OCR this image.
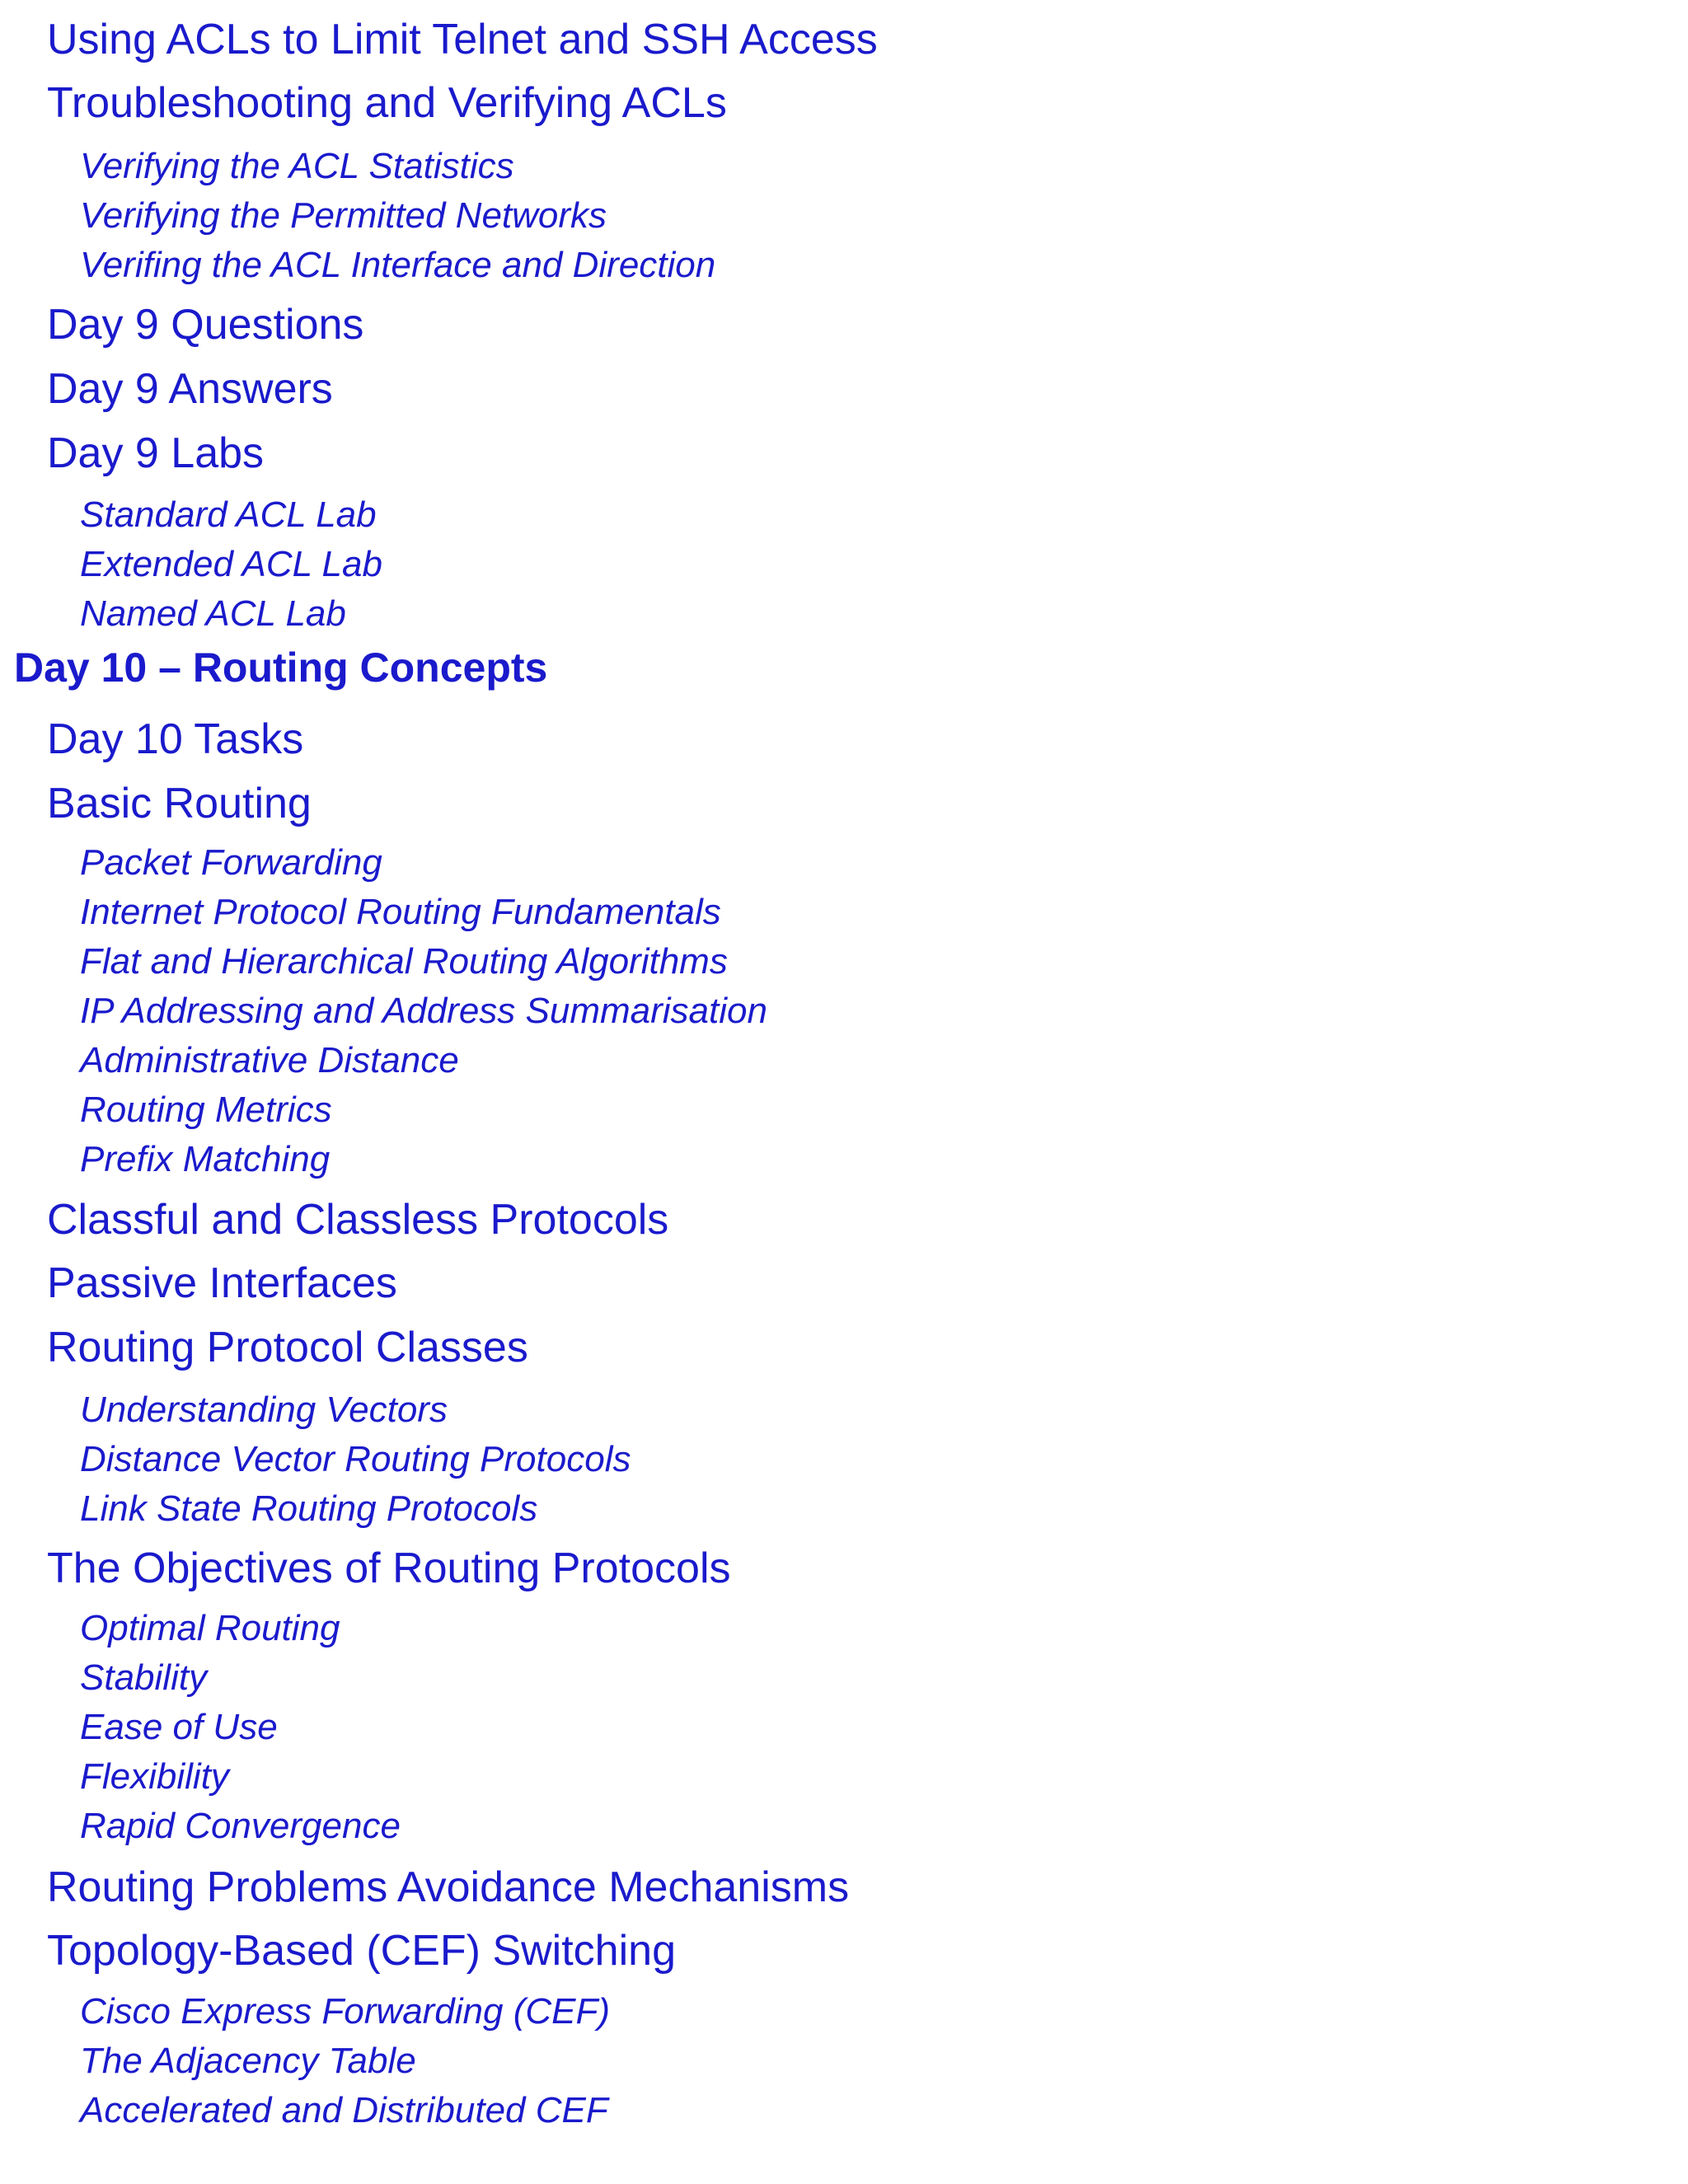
Using ACLs to Limit Telnet and SSH Access
Troubleshooting and Verifying ACLs
Verifying the ACL Statistics
Verifying the Permitted Networks
Verifing the ACL Interface and Direction
Day 9 Questions
Day 9 Answers
Day 9 Labs
Standard ACL Lab
Extended ACL Lab
Named ACL Lab
Day 10 – Routing Concepts
Day 10 Tasks
Basic Routing
Packet Forwarding
Internet Protocol Routing Fundamentals
Flat and Hierarchical Routing Algorithms
IP Addressing and Address Summarisation
Administrative Distance
Routing Metrics
Prefix Matching
Classful and Classless Protocols
Passive Interfaces
Routing Protocol Classes
Understanding Vectors
Distance Vector Routing Protocols
Link State Routing Protocols
The Objectives of Routing Protocols
Optimal Routing
Stability
Ease of Use
Flexibility
Rapid Convergence
Routing Problems Avoidance Mechanisms
Topology-Based (CEF) Switching
Cisco Express Forwarding (CEF)
The Adjacency Table
Accelerated and Distributed CEF
